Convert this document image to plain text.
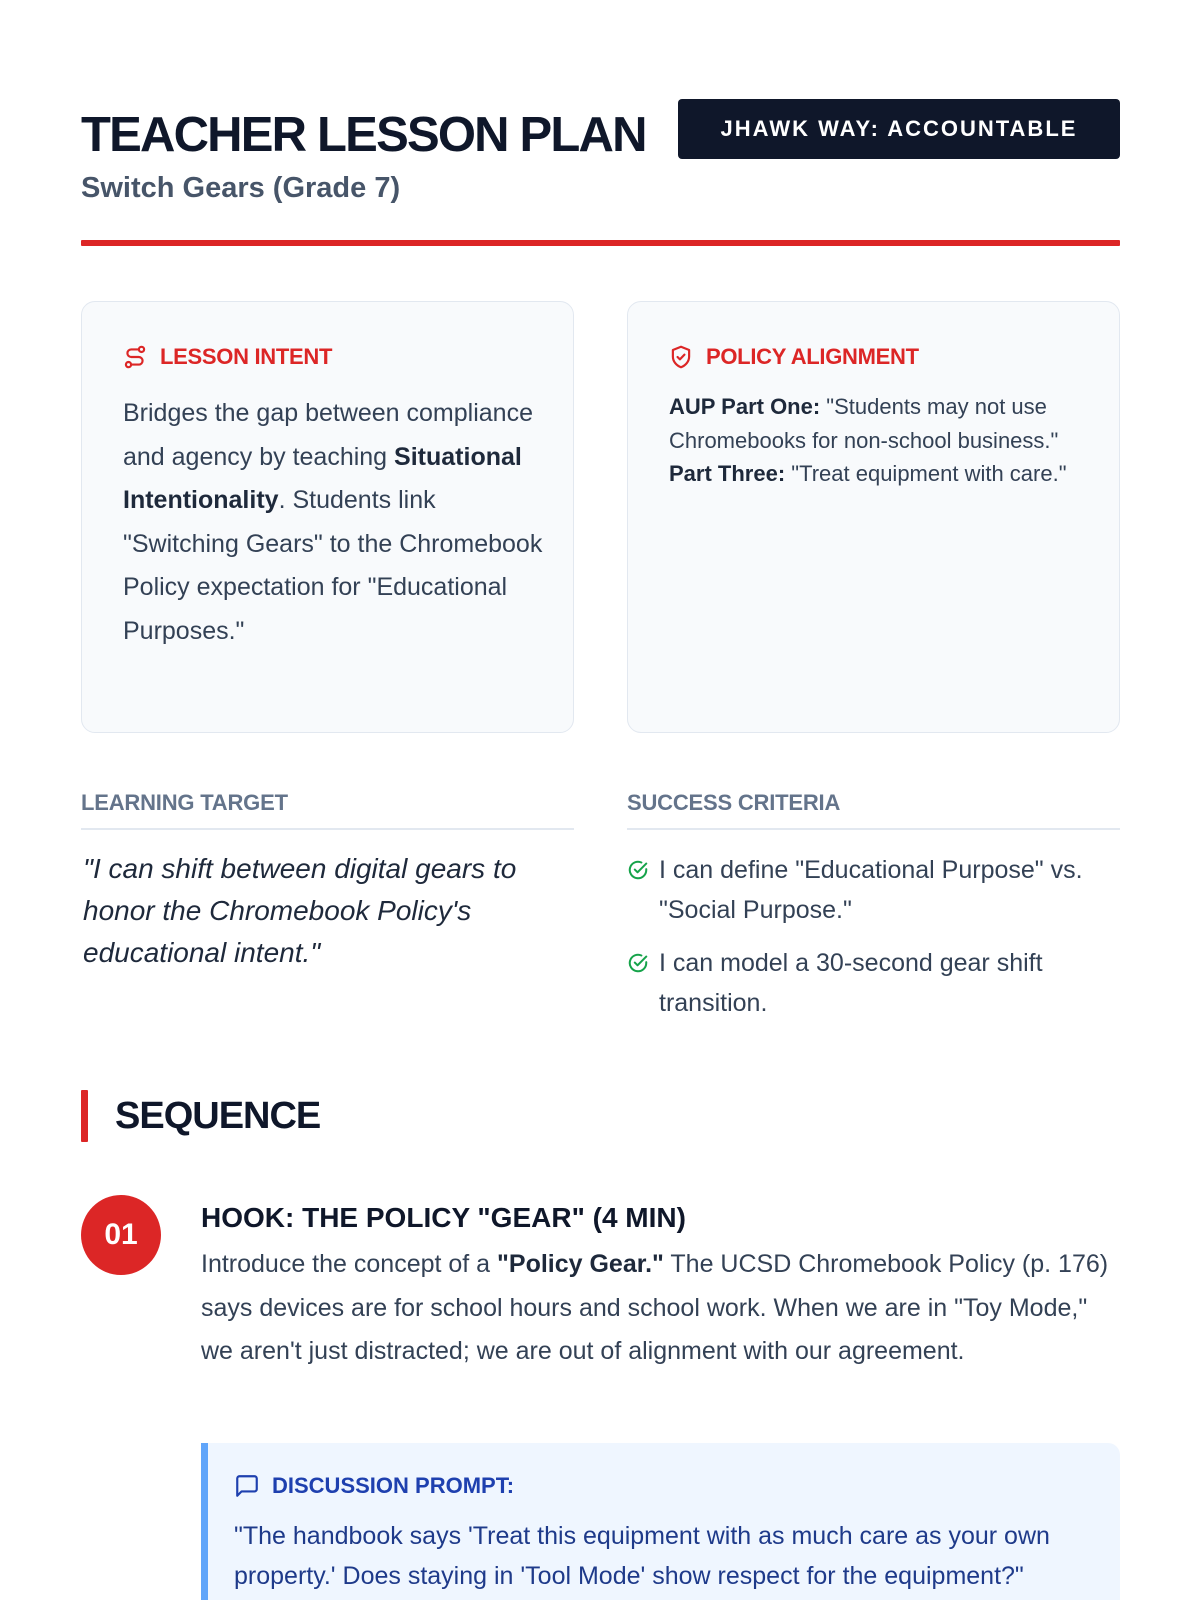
TEACHER LESSON PLAN	JHAWK WAY: ACCOUNTABLE
Switch Gears (Grade 7)
LESSON INTENT

Bridges the gap between compliance and agency by teaching Situational Intentionality. Students link "Switching Gears" to the Chromebook Policy expectation for "Educational Purposes."

POLICY ALIGNMENT

AUP Part One: "Students may not use Chromebooks for non-school business."
Part Three: "Treat equipment with care."

LEARNING TARGET

"I can shift between digital gears to honor the Chromebook Policy's educational intent."

SUCCESS CRITERIA
I can define "Educational Purpose" vs. "Social Purpose."
I can model a 30-second gear shift transition.
SEQUENCE
01
HOOK: THE POLICY "GEAR" (4 MIN)

Introduce the concept of a "Policy Gear." The UCSD Chromebook Policy (p. 176) says devices are for school hours and school work. When we are in "Toy Mode," we aren't just distracted; we are out of alignment with our agreement.

DISCUSSION PROMPT:

"The handbook says 'Treat this equipment with as much care as your own property.' Does staying in 'Tool Mode' show respect for the equipment?"
